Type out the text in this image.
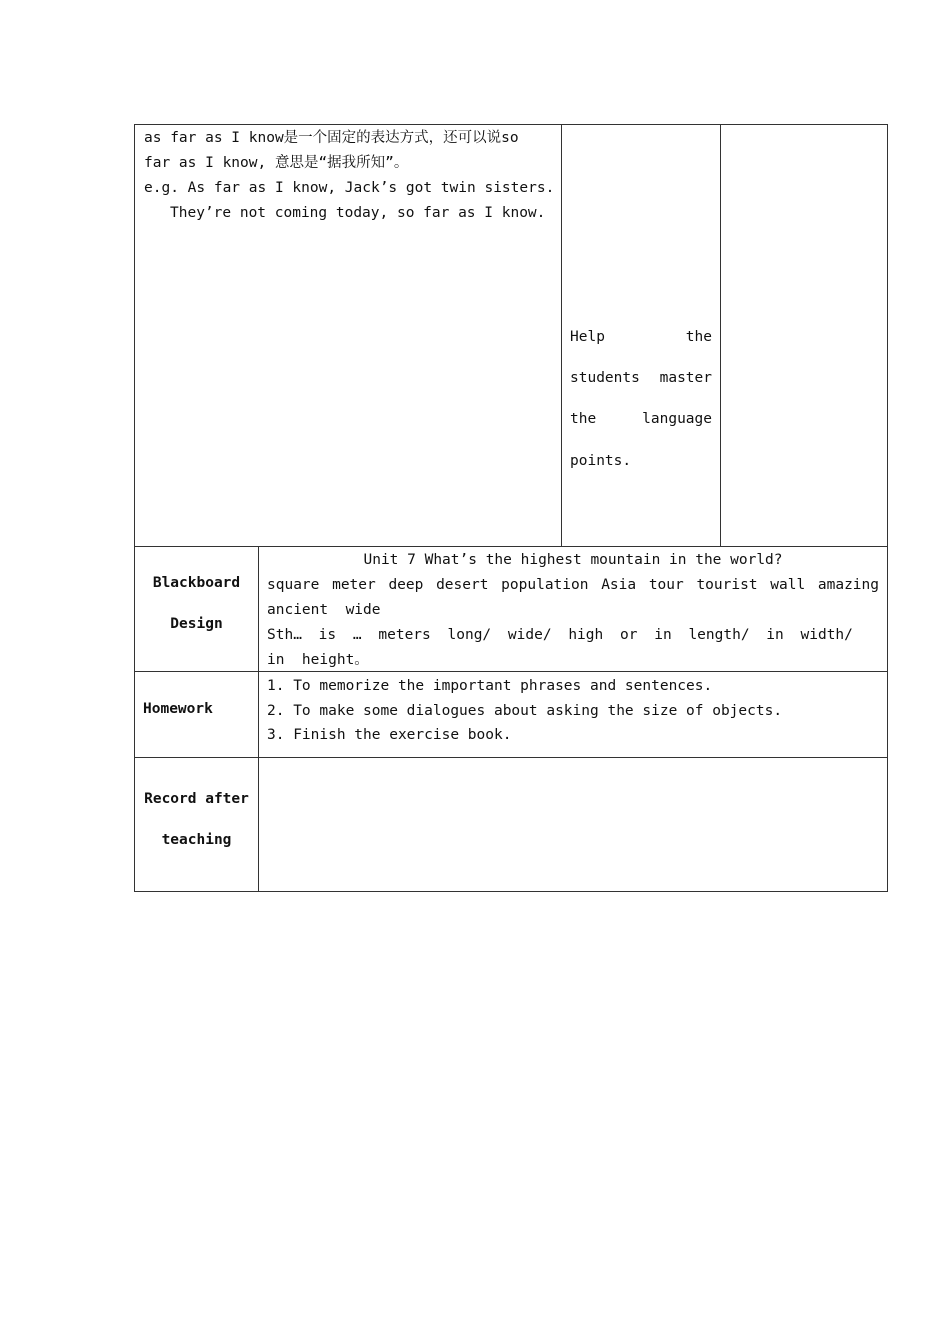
as far as I know是一个固定的表达方式，还可以说so
far as I know, 意思是“据我所知”。
e.g. As far as I know, Jack’s got twin sisters.
They’re not coming today, so far as I know.
Help	the
students master
the	language
points.
Blackboard
Design
Unit 7 What’s the highest mountain in the world?
square meter deep desert population Asia tour tourist wall amazing
ancient  wide
Sth… is … meters long/ wide/ high or in length/ in width/
in  height。
Homework
1. To memorize the important phrases and sentences.
2. To make some dialogues about asking the size of objects.
3. Finish the exercise book.
Record after
teaching
